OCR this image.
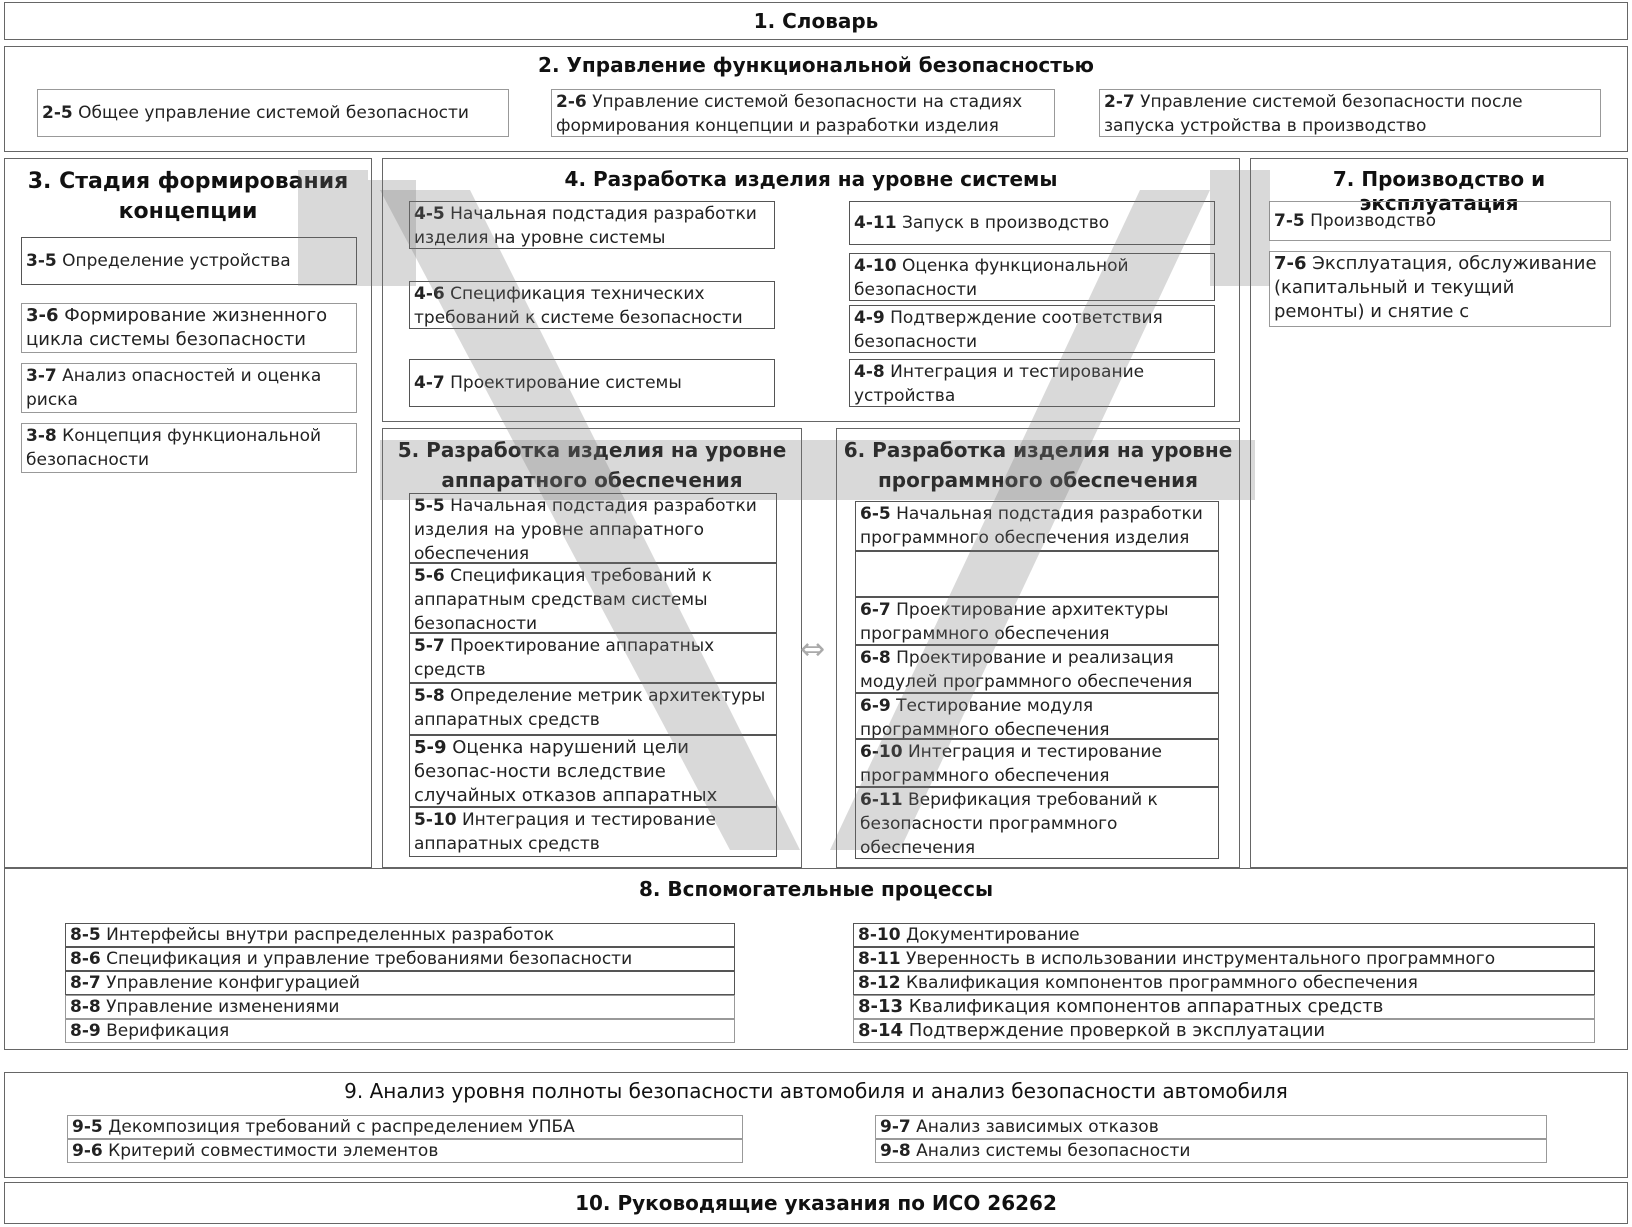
1. Словарь
2. Управление функциональной безопасностью
2-5 Общее управление системой безопасности
2-6 Управление системой безопасности на стадиях формирования концепции и разработки изделия
2-7 Управление системой безопасности после запуска устройства в производство
3. Стадия формирования концепции
3-5 Определение устройства
3-6 Формирование жизненного цикла системы безопасности
3-7 Анализ опасностей и оценка риска
3-8 Концепция функциональной безопасности
4. Разработка изделия на уровне системы
4-5 Начальная подстадия разработки изделия на уровне системы
4-6 Спецификация технических требований к системе безопасности
4-7 Проектирование системы
4-11 Запуск в производство
4-10 Оценка функциональной безопасности
4-9 Подтверждение соответствия безопасности
4-8 Интеграция и тестирование устройства
5. Разработка изделия на уровне аппаратного обеспечения
5-5 Начальная подстадия разработки изделия на уровне аппаратного обеспечения
5-6 Спецификация требований к аппаратным средствам системы безопасности
5-7 Проектирование аппаратных средств
5-8 Определение метрик архитектуры аппаратных средств
5-9 Оценка нарушений цели безопас-ности вследствие случайных отказов аппаратных
5-10 Интеграция и тестирование аппаратных средств
⇔
6. Разработка изделия на уровне программного обеспечения
6-5 Начальная подстадия разработки программного обеспечения изделия
6-7 Проектирование архитектуры программного обеспечения
6-8 Проектирование и реализация модулей программного обеспечения
6-9 Тестирование модуля программного обеспечения
6-10 Интеграция и тестирование программного обеспечения
6-11 Верификация требований к безопасности программного обеспечения
7. Производство и эксплуатация
7-5 Производство
7-6 Эксплуатация, обслуживание (капитальный и текущий ремонты) и снятие с
8. Вспомогательные процессы
8-5 Интерфейсы внутри распределенных разработок
8-6 Спецификация и управление требованиями безопасности
8-7 Управление конфигурацией
8-8 Управление изменениями
8-9 Верификация
8-10 Документирование
8-11 Уверенность в использовании инструментального программного
8-12 Квалификация компонентов программного обеспечения
8-13 Квалификация компонентов аппаратных средств
8-14 Подтверждение проверкой в эксплуатации
9. Анализ уровня полноты безопасности автомобиля и анализ безопасности автомобиля
9-5 Декомпозиция требований с распределением УПБА
9-6 Критерий совместимости элементов
9-7 Анализ зависимых отказов
9-8 Анализ системы безопасности
10. Руководящие указания по ИСО 26262
